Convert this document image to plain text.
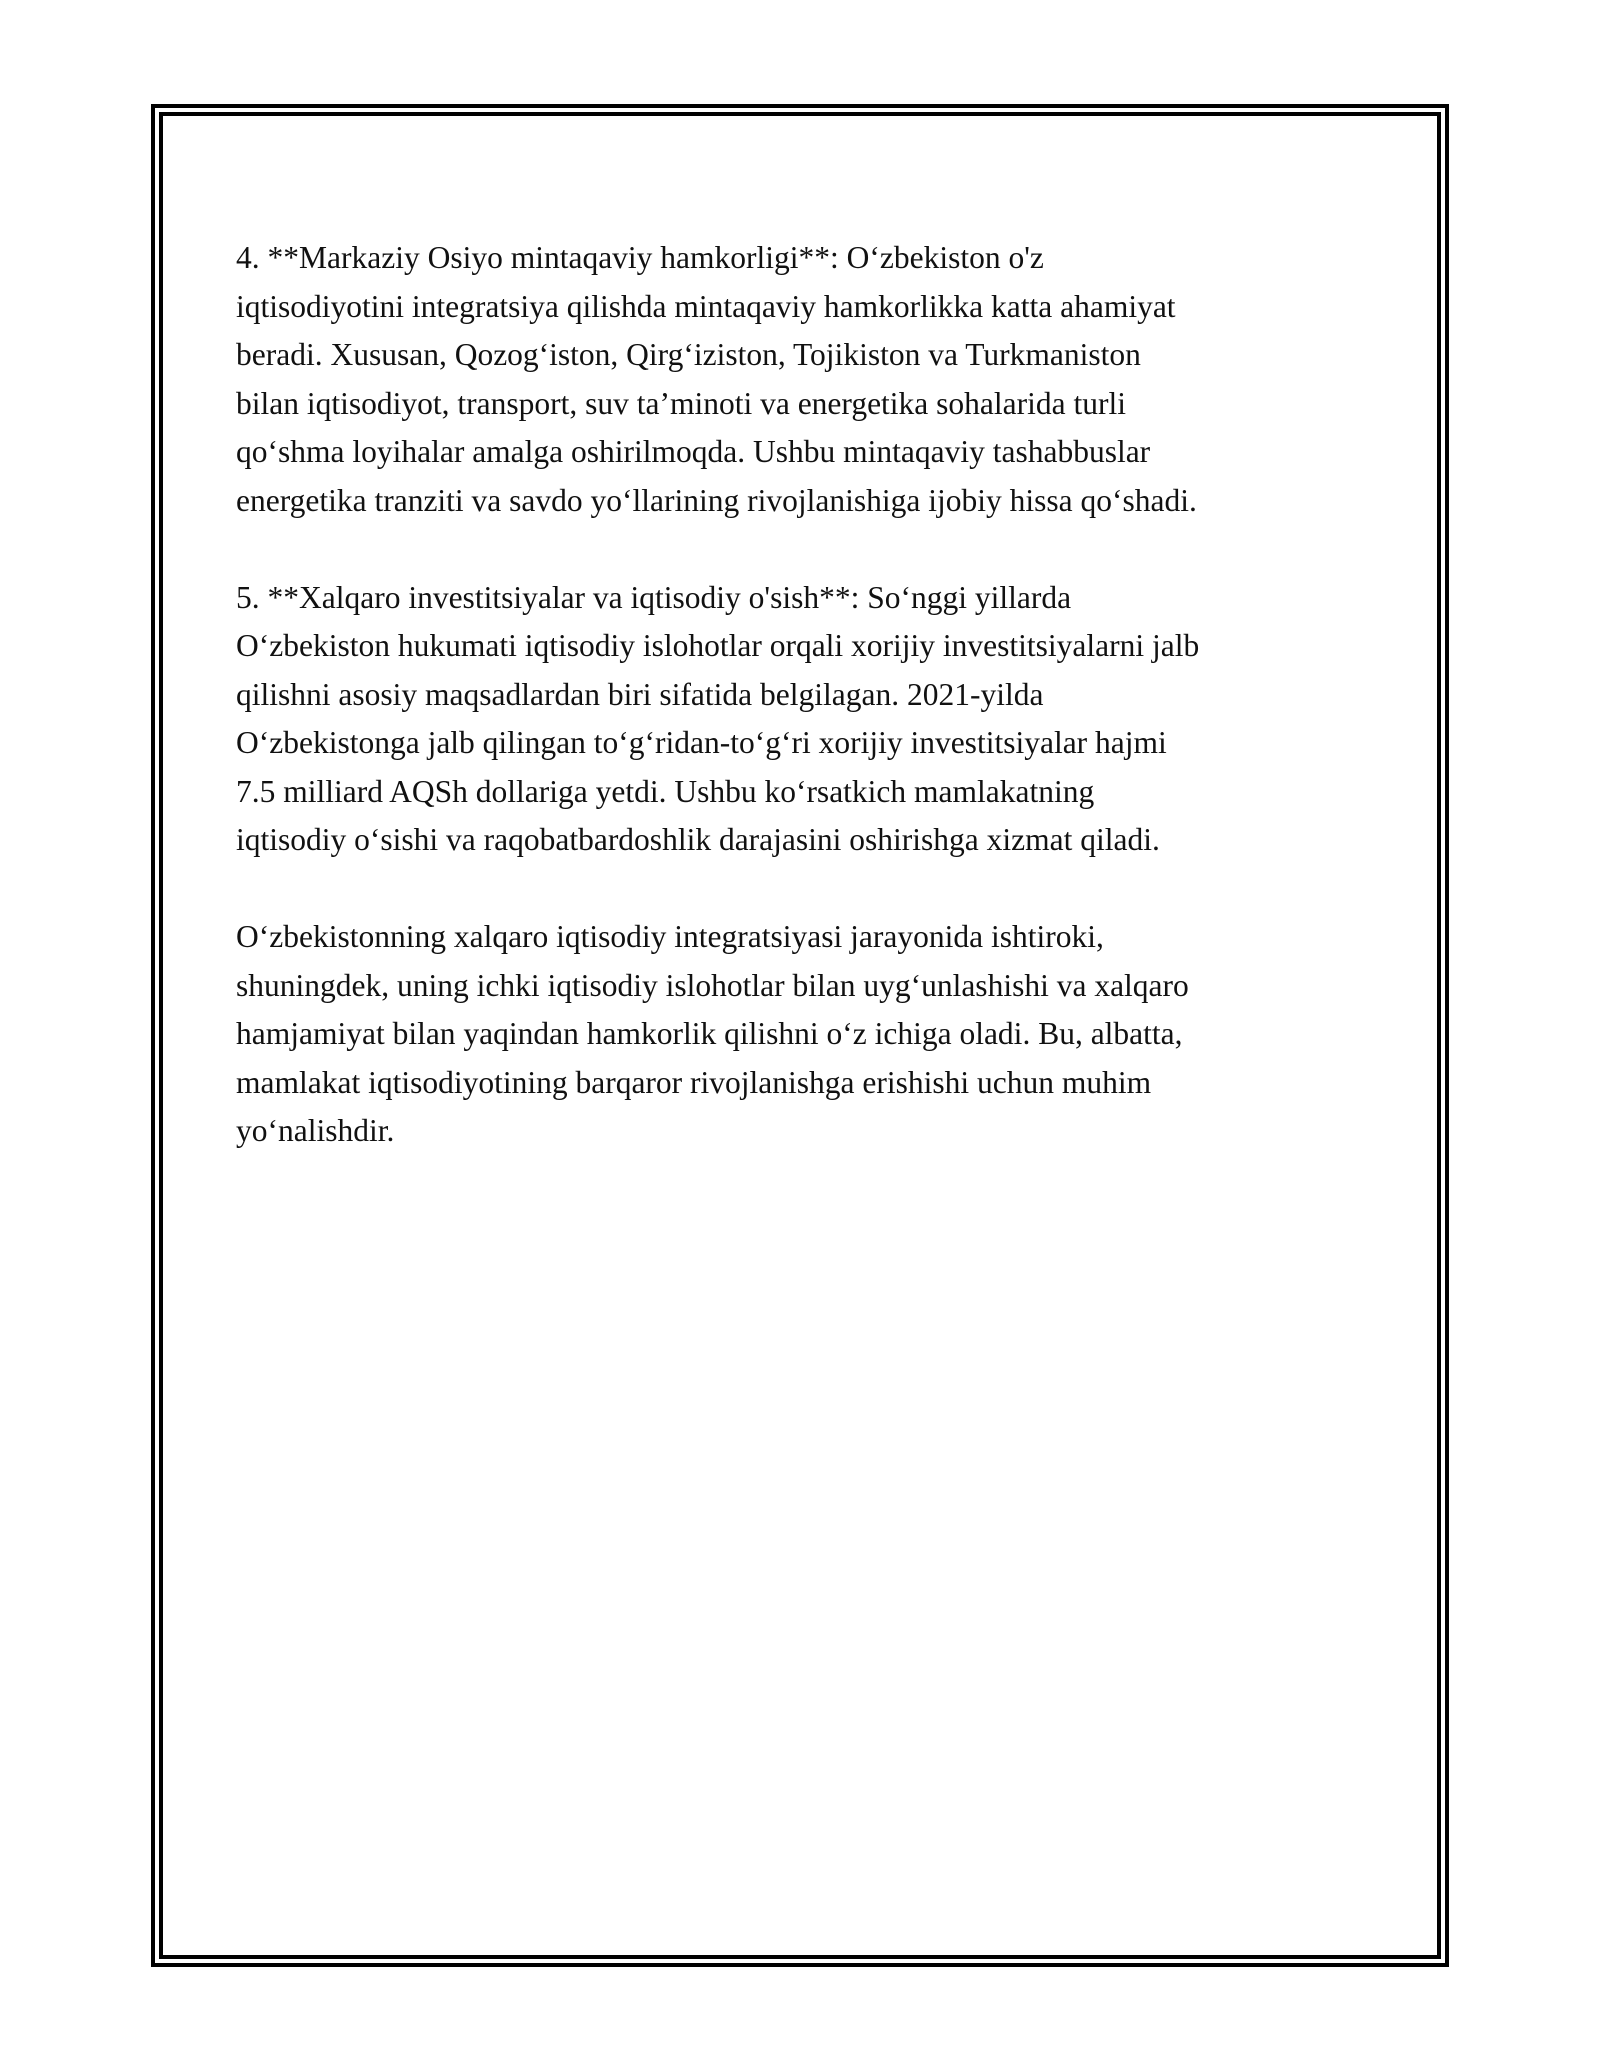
4. **Markaziy Osiyo mintaqaviy hamkorligi**: O‘zbekiston o'z
iqtisodiyotini integratsiya qilishda mintaqaviy hamkorlikka katta ahamiyat
beradi. Xususan, Qozog‘iston, Qirg‘iziston, Tojikiston va Turkmaniston
bilan iqtisodiyot, transport, suv ta’minoti va energetika sohalarida turli
qo‘shma loyihalar amalga oshirilmoqda. Ushbu mintaqaviy tashabbuslar
energetika tranziti va savdo yo‘llarining rivojlanishiga ijobiy hissa qo‘shadi.

5. **Xalqaro investitsiyalar va iqtisodiy o'sish**: So‘nggi yillarda
O‘zbekiston hukumati iqtisodiy islohotlar orqali xorijiy investitsiyalarni jalb
qilishni asosiy maqsadlardan biri sifatida belgilagan. 2021-yilda
O‘zbekistonga jalb qilingan to‘g‘ridan-to‘g‘ri xorijiy investitsiyalar hajmi
7.5 milliard AQSh dollariga yetdi. Ushbu ko‘rsatkich mamlakatning
iqtisodiy o‘sishi va raqobatbardoshlik darajasini oshirishga xizmat qiladi.

O‘zbekistonning xalqaro iqtisodiy integratsiyasi jarayonida ishtiroki,
shuningdek, uning ichki iqtisodiy islohotlar bilan uyg‘unlashishi va xalqaro
hamjamiyat bilan yaqindan hamkorlik qilishni o‘z ichiga oladi. Bu, albatta,
mamlakat iqtisodiyotining barqaror rivojlanishga erishishi uchun muhim
yo‘nalishdir.
